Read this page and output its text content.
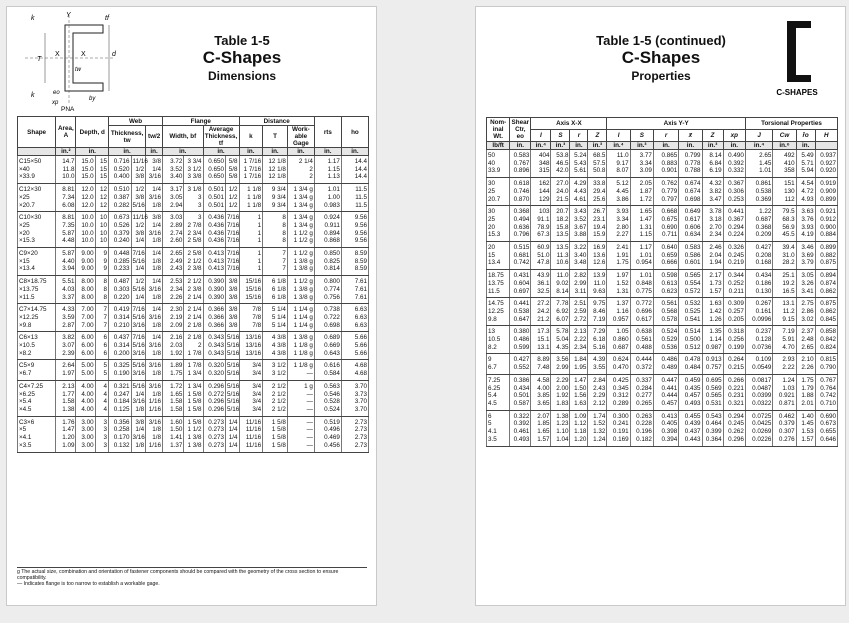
k	Y	tf
T
X	X	d
tw
eo
by
xp
k
PNA
Table 1-5
C-Shapes
Dimensions
Shape	Area, A	Depth, d		Web			Flange				Distance			rts	ho
				Thickness, tw		tw/2	Width, bf		Average Thickness, tf		k	T	Work-able Gage		
	in.²	in.		in.		in.	in.		in.		in.	in.	in.	in.	in.
C15×50	14.7	15.0	15	0.716	11/16	3/8	3.72	3 3/4	0.650	5/8	1 7/16	12 1/8	2 1/4	1.17	14.4
×40	11.8	15.0	15	0.520	1/2	1/4	3.52	3 1/2	0.650	5/8	1 7/16	12 1/8	2	1.15	14.4
×33.9	10.0	15.0	15	0.400	3/8	3/16	3.40	3 3/8	0.650	5/8	1 7/16	12 1/8	2	1.13	14.4
C12×30	8.81	12.0	12	0.510	1/2	1/4	3.17	3 1/8	0.501	1/2	1 1/8	9 3/4	1 3/4 g	1.01	11.5
×25	7.34	12.0	12	0.387	3/8	3/16	3.05	3	0.501	1/2	1 1/8	9 3/4	1 3/4 g	1.00	11.5
×20.7	6.08	12.0	12	0.282	5/16	1/8	2.94	3	0.501	1/2	1 1/8	9 3/4	1 3/4 g	0.983	11.5
C10×30	8.81	10.0	10	0.673	11/16	3/8	3.03	3	0.436	7/16	1	8	1 3/4 g	0.924	9.56
×25	7.35	10.0	10	0.526	1/2	1/4	2.89	2 7/8	0.436	7/16	1	8	1 3/4 g	0.911	9.56
×20	5.87	10.0	10	0.379	3/8	3/16	2.74	2 3/4	0.436	7/16	1	8	1 1/2 g	0.894	9.56
×15.3	4.48	10.0	10	0.240	1/4	1/8	2.60	2 5/8	0.436	7/16	1	8	1 1/2 g	0.868	9.56
C9×20	5.87	9.00	9	0.448	7/16	1/4	2.65	2 5/8	0.413	7/16	1	7	1 1/2 g	0.850	8.59
×15	4.40	9.00	9	0.285	5/16	1/8	2.49	2 1/2	0.413	7/16	1	7	1 3/8 g	0.825	8.59
×13.4	3.94	9.00	9	0.233	1/4	1/8	2.43	2 3/8	0.413	7/16	1	7	1 3/8 g	0.814	8.59
C8×18.75	5.51	8.00	8	0.487	1/2	1/4	2.53	2 1/2	0.390	3/8	15/16	6 1/8	1 1/2 g	0.800	7.61
×13.75	4.03	8.00	8	0.303	5/16	3/16	2.34	2 3/8	0.390	3/8	15/16	6 1/8	1 3/8 g	0.774	7.61
×11.5	3.37	8.00	8	0.220	1/4	1/8	2.26	2 1/4	0.390	3/8	15/16	6 1/8	1 3/8 g	0.756	7.61
C7×14.75	4.33	7.00	7	0.419	7/16	1/4	2.30	2 1/4	0.366	3/8	7/8	5 1/4	1 1/4 g	0.738	6.63
×12.25	3.59	7.00	7	0.314	5/16	3/16	2.19	2 1/4	0.366	3/8	7/8	5 1/4	1 1/4 g	0.722	6.63
×9.8	2.87	7.00	7	0.210	3/16	1/8	2.09	2 1/8	0.366	3/8	7/8	5 1/4	1 1/4 g	0.698	6.63
C6×13	3.82	6.00	6	0.437	7/16	1/4	2.16	2 1/8	0.343	5/16	13/16	4 3/8	1 3/8 g	0.689	5.66
×10.5	3.07	6.00	6	0.314	5/16	3/16	2.03	2	0.343	5/16	13/16	4 3/8	1 1/8 g	0.669	5.66
×8.2	2.39	6.00	6	0.200	3/16	1/8	1.92	1 7/8	0.343	5/16	13/16	4 3/8	1 1/8 g	0.643	5.66
C5×9	2.64	5.00	5	0.325	5/16	3/16	1.89	1 7/8	0.320	5/16	3/4	3 1/2	1 1/8 g	0.616	4.68
×6.7	1.97	5.00	5	0.190	3/16	1/8	1.75	1 3/4	0.320	5/16	3/4	3 1/2	—	0.584	4.68
C4×7.25	2.13	4.00	4	0.321	5/16	3/16	1.72	1 3/4	0.296	5/16	3/4	2 1/2	1 g	0.563	3.70
×6.25	1.77	4.00	4	0.247	1/4	1/8	1.65	1 5/8	0.272	5/16	3/4	2 1/2	—	0.546	3.73
×5.4	1.58	4.00	4	0.184	3/16	1/16	1.58	1 5/8	0.296	5/16	3/4	2 1/2	—	0.528	3.70
×4.5	1.38	4.00	4	0.125	1/8	1/16	1.58	1 5/8	0.296	5/16	3/4	2 1/2	—	0.524	3.70
C3×6	1.76	3.00	3	0.356	3/8	3/16	1.60	1 5/8	0.273	1/4	11/16	1 5/8	—	0.519	2.73
×5	1.47	3.00	3	0.258	1/4	1/8	1.50	1 1/2	0.273	1/4	11/16	1 5/8	—	0.496	2.73
×4.1	1.20	3.00	3	0.170	3/16	1/8	1.41	1 3/8	0.273	1/4	11/16	1 5/8	—	0.469	2.73
×3.5	1.09	3.00	3	0.132	1/8	1/16	1.37	1 3/8	0.273	1/4	11/16	1 5/8	—	0.456	2.73
g The actual size, combination and orientation of fastener components should be compared with the geometry of the cross section to ensure compatibility.
— Indicates flange is too narrow to establish a workable gage.
Table 1-5 (continued)
C-Shapes
Properties
C-SHAPES
Nom-inal Wt.	Shear Ctr, eo	Axis X-X				Axis Y-Y						Torsional Properties			
		I	S	r	Z	I	S	r	x̄	Z	xp	J	Cw	r̄o	H
lb/ft	in.	in.⁴	in.³	in.	in.³	in.⁴	in.³	in.	in.	in.³	in.	in.⁴	in.⁶	in.	
50	0.583	404	53.8	5.24	68.5	11.0	3.77	0.865	0.799	8.14	0.490	2.65	492	5.49	0.937
40	0.767	348	46.5	5.43	57.5	9.17	3.34	0.883	0.778	6.84	0.392	1.45	410	5.71	0.927
33.9	0.896	315	42.0	5.61	50.8	8.07	3.09	0.901	0.788	6.19	0.332	1.01	358	5.94	0.920
30	0.618	162	27.0	4.29	33.8	5.12	2.05	0.762	0.674	4.32	0.367	0.861	151	4.54	0.919
25	0.746	144	24.0	4.43	29.4	4.45	1.87	0.779	0.674	3.82	0.306	0.538	130	4.72	0.909
20.7	0.870	129	21.5	4.61	25.6	3.86	1.72	0.797	0.698	3.47	0.253	0.369	112	4.93	0.899
30	0.368	103	20.7	3.43	26.7	3.93	1.65	0.668	0.649	3.78	0.441	1.22	79.5	3.63	0.921
25	0.494	91.1	18.2	3.52	23.1	3.34	1.47	0.675	0.617	3.18	0.367	0.687	68.3	3.76	0.912
20	0.636	78.9	15.8	3.67	19.4	2.80	1.31	0.690	0.606	2.70	0.294	0.368	56.9	3.93	0.900
15.3	0.796	67.3	13.5	3.88	15.9	2.27	1.15	0.711	0.634	2.34	0.224	0.209	45.5	4.19	0.884
20	0.515	60.9	13.5	3.22	16.9	2.41	1.17	0.640	0.583	2.46	0.326	0.427	39.4	3.46	0.899
15	0.681	51.0	11.3	3.40	13.6	1.91	1.01	0.659	0.586	2.04	0.245	0.208	31.0	3.69	0.882
13.4	0.742	47.8	10.6	3.48	12.6	1.75	0.954	0.666	0.601	1.94	0.219	0.168	28.2	3.79	0.875
18.75	0.431	43.9	11.0	2.82	13.9	1.97	1.01	0.598	0.565	2.17	0.344	0.434	25.1	3.05	0.894
13.75	0.604	36.1	9.02	2.99	11.0	1.52	0.848	0.613	0.554	1.73	0.252	0.186	19.2	3.26	0.874
11.5	0.697	32.5	8.14	3.11	9.63	1.31	0.775	0.623	0.572	1.57	0.211	0.130	16.5	3.41	0.862
14.75	0.441	27.2	7.78	2.51	9.75	1.37	0.772	0.561	0.532	1.63	0.309	0.267	13.1	2.75	0.875
12.25	0.538	24.2	6.92	2.59	8.46	1.16	0.696	0.568	0.525	1.42	0.257	0.161	11.2	2.86	0.862
9.8	0.647	21.2	6.07	2.72	7.19	0.957	0.617	0.578	0.541	1.26	0.205	0.0996	9.15	3.02	0.845
13	0.380	17.3	5.78	2.13	7.29	1.05	0.638	0.524	0.514	1.35	0.318	0.237	7.19	2.37	0.858
10.5	0.486	15.1	5.04	2.22	6.18	0.860	0.561	0.529	0.500	1.14	0.256	0.128	5.91	2.48	0.842
8.2	0.599	13.1	4.35	2.34	5.16	0.687	0.488	0.536	0.512	0.987	0.199	0.0736	4.70	2.65	0.824
9	0.427	8.89	3.56	1.84	4.39	0.624	0.444	0.486	0.478	0.913	0.264	0.109	2.93	2.10	0.815
6.7	0.552	7.48	2.99	1.95	3.55	0.470	0.372	0.489	0.484	0.757	0.215	0.0549	2.22	2.26	0.790
7.25	0.386	4.58	2.29	1.47	2.84	0.425	0.337	0.447	0.459	0.695	0.266	0.0817	1.24	1.75	0.767
6.25	0.434	4.00	2.00	1.50	2.43	0.345	0.284	0.441	0.435	0.569	0.221	0.0487	1.03	1.79	0.764
5.4	0.501	3.85	1.92	1.56	2.29	0.312	0.277	0.444	0.457	0.565	0.231	0.0399	0.921	1.88	0.742
4.5	0.587	3.65	1.83	1.63	2.12	0.289	0.265	0.457	0.493	0.531	0.321	0.0322	0.871	2.01	0.710
6	0.322	2.07	1.38	1.09	1.74	0.300	0.263	0.413	0.455	0.543	0.294	0.0725	0.462	1.40	0.690
5	0.392	1.85	1.23	1.12	1.52	0.241	0.228	0.405	0.439	0.464	0.245	0.0425	0.379	1.45	0.673
4.1	0.461	1.65	1.10	1.18	1.32	0.191	0.196	0.398	0.437	0.399	0.262	0.0269	0.307	1.53	0.655
3.5	0.493	1.57	1.04	1.20	1.24	0.169	0.182	0.394	0.443	0.364	0.296	0.0226	0.276	1.57	0.646
